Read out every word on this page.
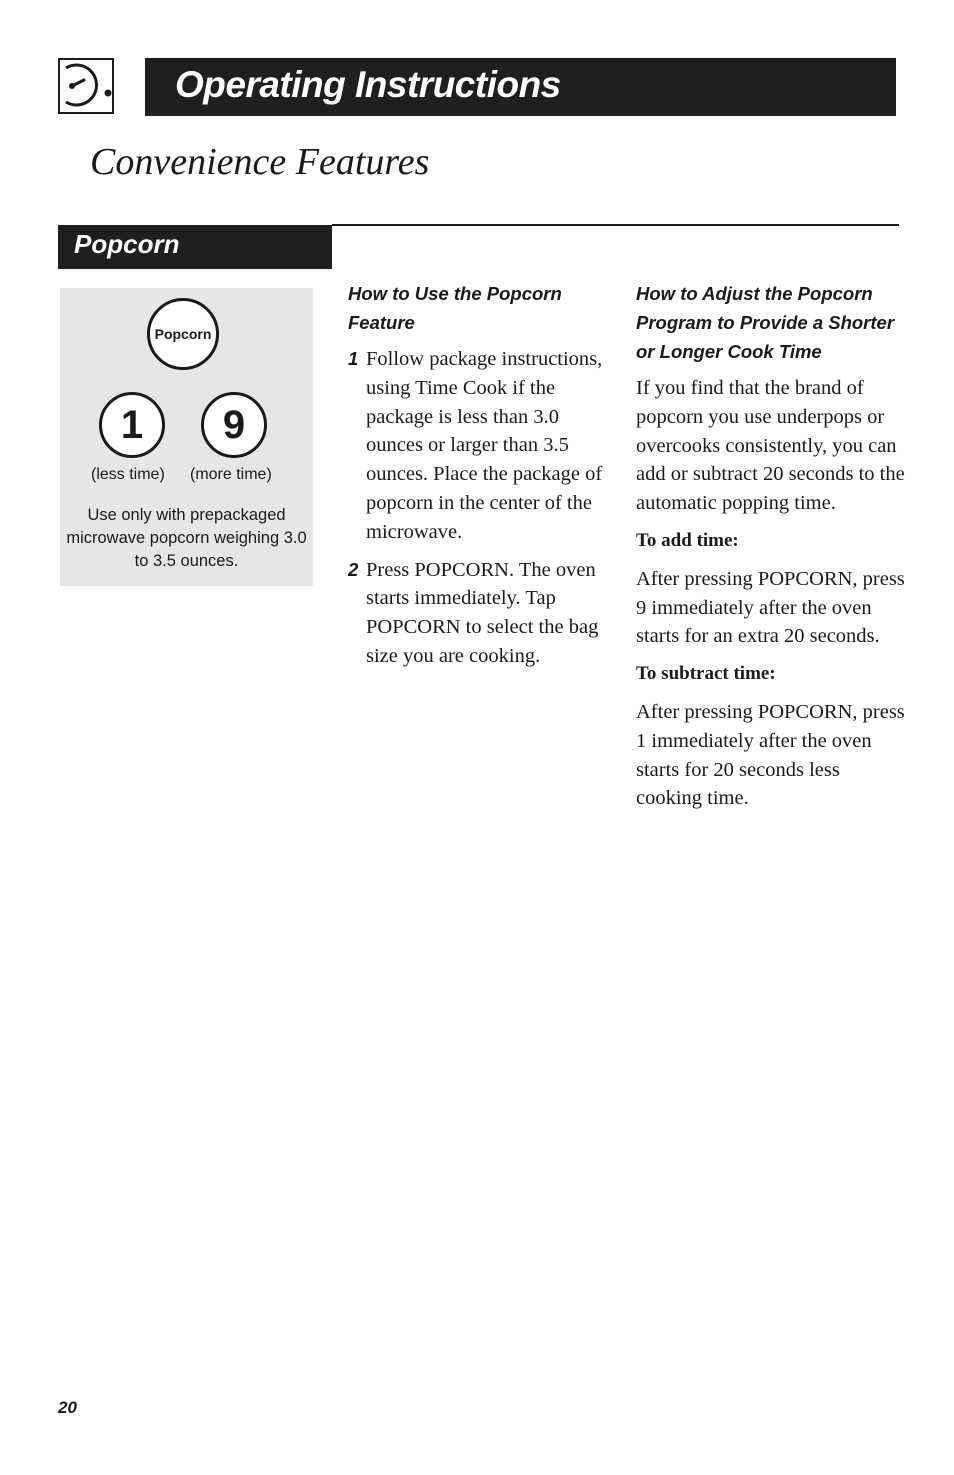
Operating Instructions
Convenience Features
Popcorn
Popcorn
1 9
(less time) (more time)

Use only with prepackaged microwave popcorn weighing 3.0 to 3.5 ounces.

How to Use the Popcorn Feature

1 Follow package instructions, using Time Cook if the package is less than 3.0 ounces or larger than 3.5 ounces. Place the package of popcorn in the center of the microwave.
2 Press POPCORN. The oven starts immediately. Tap POPCORN to select the bag size you are cooking.

How to Adjust the Popcorn Program to Provide a Shorter or Longer Cook Time

If you find that the brand of popcorn you use underpops or overcooks consistently, you can add or subtract 20 seconds to the automatic popping time.

To add time:

After pressing POPCORN, press 9 immediately after the oven starts for an extra 20 seconds.

To subtract time:

After pressing POPCORN, press 1 immediately after the oven starts for 20 seconds less cooking time.

20
